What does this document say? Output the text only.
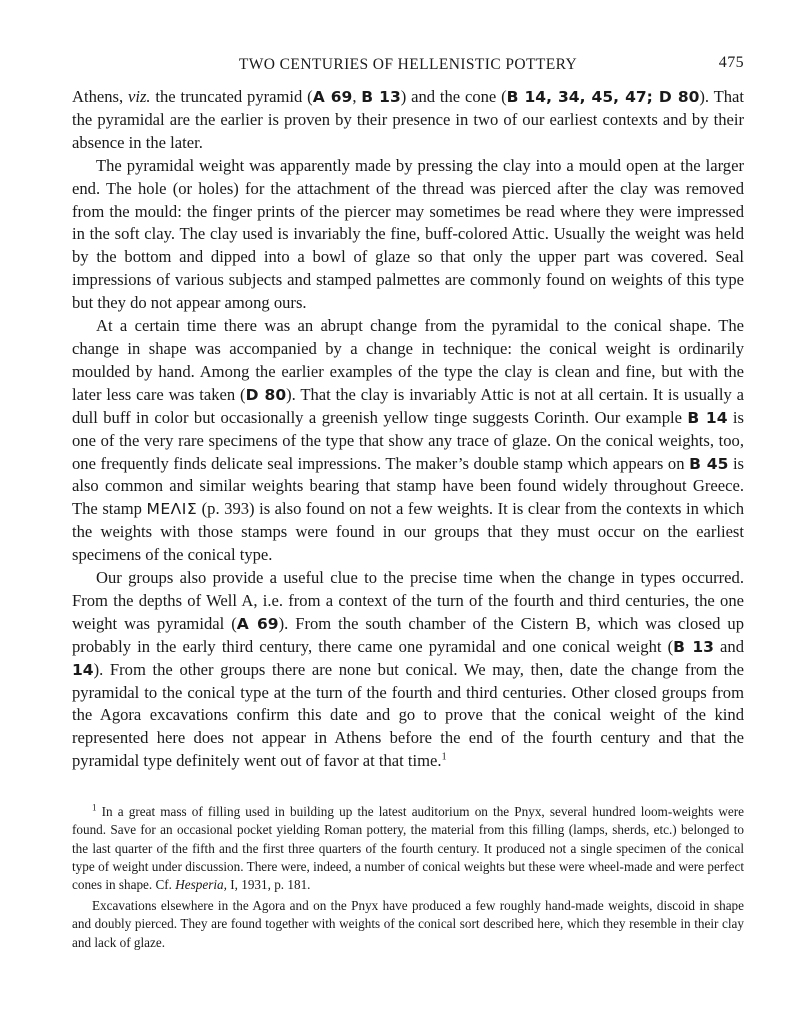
TWO CENTURIES OF HELLENISTIC POTTERY	475

Athens, viz. the truncated pyramid (A 69, B 13) and the cone (B 14, 34, 45, 47; D 80). That the pyramidal are the earlier is proven by their presence in two of our earliest contexts and by their absence in the later.

The pyramidal weight was apparently made by pressing the clay into a mould open at the larger end. The hole (or holes) for the attachment of the thread was pierced after the clay was removed from the mould: the finger prints of the piercer may sometimes be read where they were impressed in the soft clay. The clay used is invariably the fine, buff-colored Attic. Usually the weight was held by the bottom and dipped into a bowl of glaze so that only the upper part was covered. Seal impressions of various subjects and stamped palmettes are commonly found on weights of this type but they do not appear among ours.

At a certain time there was an abrupt change from the pyramidal to the conical shape. The change in shape was accompanied by a change in technique: the conical weight is ordinarily moulded by hand. Among the earlier examples of the type the clay is clean and fine, but with the later less care was taken (D 80). That the clay is invariably Attic is not at all certain. It is usually a dull buff in color but occasionally a greenish yellow tinge suggests Corinth. Our example B 14 is one of the very rare specimens of the type that show any trace of glaze. On the conical weights, too, one frequently finds delicate seal impressions. The maker’s double stamp which appears on B 45 is also common and similar weights bearing that stamp have been found widely throughout Greece. The stamp ΜΕΛΙΣ (p. 393) is also found on not a few weights. It is clear from the contexts in which the weights with those stamps were found in our groups that they must occur on the earliest specimens of the conical type.

Our groups also provide a useful clue to the precise time when the change in types occurred. From the depths of Well A, i.e. from a context of the turn of the fourth and third centuries, the one weight was pyramidal (A 69). From the south chamber of the Cistern B, which was closed up probably in the early third century, there came one pyramidal and one conical weight (B 13 and 14). From the other groups there are none but conical. We may, then, date the change from the pyramidal to the conical type at the turn of the fourth and third centuries. Other closed groups from the Agora excavations confirm this date and go to prove that the conical weight of the kind represented here does not appear in Athens before the end of the fourth century and that the pyramidal type definitely went out of favor at that time.$^1$

$^1$ In a great mass of filling used in building up the latest auditorium on the Pnyx, several hundred loom-weights were found. Save for an occasional pocket yielding Roman pottery, the material from this filling (lamps, sherds, etc.) belonged to the last quarter of the fifth and the first three quarters of the fourth century. It produced not a single specimen of the conical type of weight under discussion. There were, indeed, a number of conical weights but these were wheel-made and were perfect cones in shape. Cf. Hesperia, I, 1931, p. 181.

Excavations elsewhere in the Agora and on the Pnyx have produced a few roughly hand-made weights, discoid in shape and doubly pierced. They are found together with weights of the conical sort described here, which they resemble in their clay and lack of glaze.
